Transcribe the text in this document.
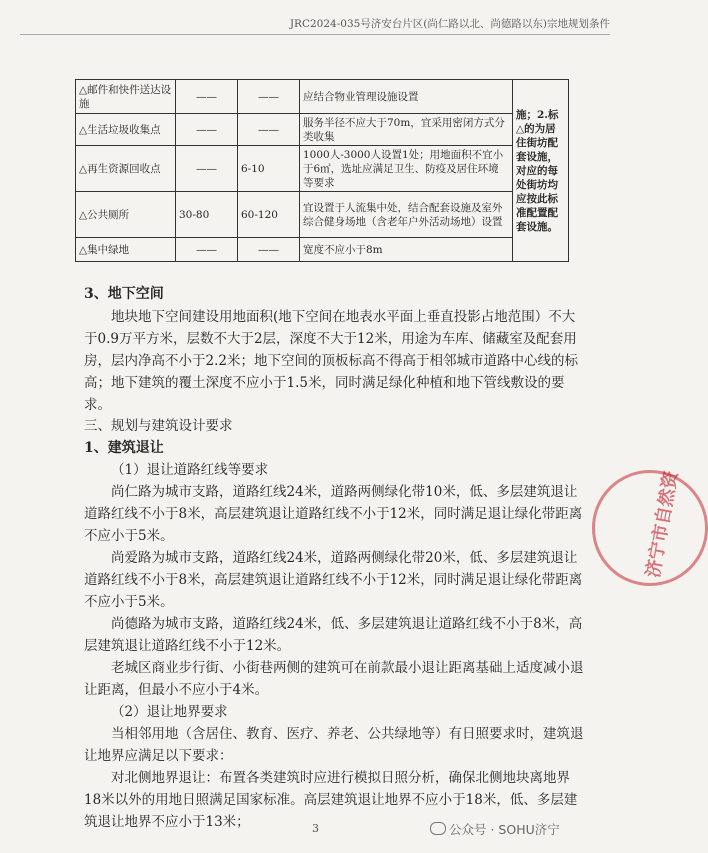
JRC2024-035号济安台片区(尚仁路以北、尚德路以东)宗地规划条件
△邮件和快件送达设施	——	——	应结合物业管理设施设置	施；2.标△的为居住街坊配套设施，对应的每处街坊均应按此标准配置配套设施。
△生活垃圾收集点	——	——	服务半径不应大于70m，宜采用密闭方式分类收集	
△再生资源回收点	——	6-10	1000人-3000人设置1处；用地面积不宜小于6㎡，选址应满足卫生、防疫及居住环境等要求	
△公共厕所	30-80	60-120	宜设置于人流集中处，结合配套设施及室外综合健身场地（含老年户外活动场地）设置	
△集中绿地	——	——	宽度不应小于8m	
3、地下空间
地块地下空间建设用地面积(地下空间在地表水平面上垂直投影占地范围）不大于0.9万平方米，层数不大于2层，深度不大于12米，用途为车库、储藏室及配套用房，层内净高不小于2.2米；地下空间的顶板标高不得高于相邻城市道路中心线的标高；地下建筑的覆土深度不应小于1.5米，同时满足绿化种植和地下管线敷设的要求。
三、规划与建筑设计要求
1、建筑退让
（1）退让道路红线等要求
尚仁路为城市支路，道路红线24米，道路两侧绿化带10米，低、多层建筑退让道路红线不小于8米，高层建筑退让道路红线不小于12米，同时满足退让绿化带距离不应小于5米。
尚爱路为城市支路，道路红线24米，道路两侧绿化带20米，低、多层建筑退让道路红线不小于8米，高层建筑退让道路红线不小于12米，同时满足退让绿化带距离不应小于5米。
尚德路为城市支路，道路红线24米，低、多层建筑退让道路红线不小于8米，高层建筑退让道路红线不小于12米。
老城区商业步行街、小街巷两侧的建筑可在前款最小退让距离基础上适度减小退让距离，但最小不应小于4米。
（2）退让地界要求
当相邻用地（含居住、教育、医疗、养老、公共绿地等）有日照要求时，建筑退让地界应满足以下要求：
对北侧地界退让：布置各类建筑时应进行模拟日照分析，确保北侧地块离地界18米以外的用地日照满足国家标准。高层建筑退让地界不应小于18米，低、多层建筑退让地界不应小于13米；
济宁市自然资
3	公众号 · SOHU济宁
